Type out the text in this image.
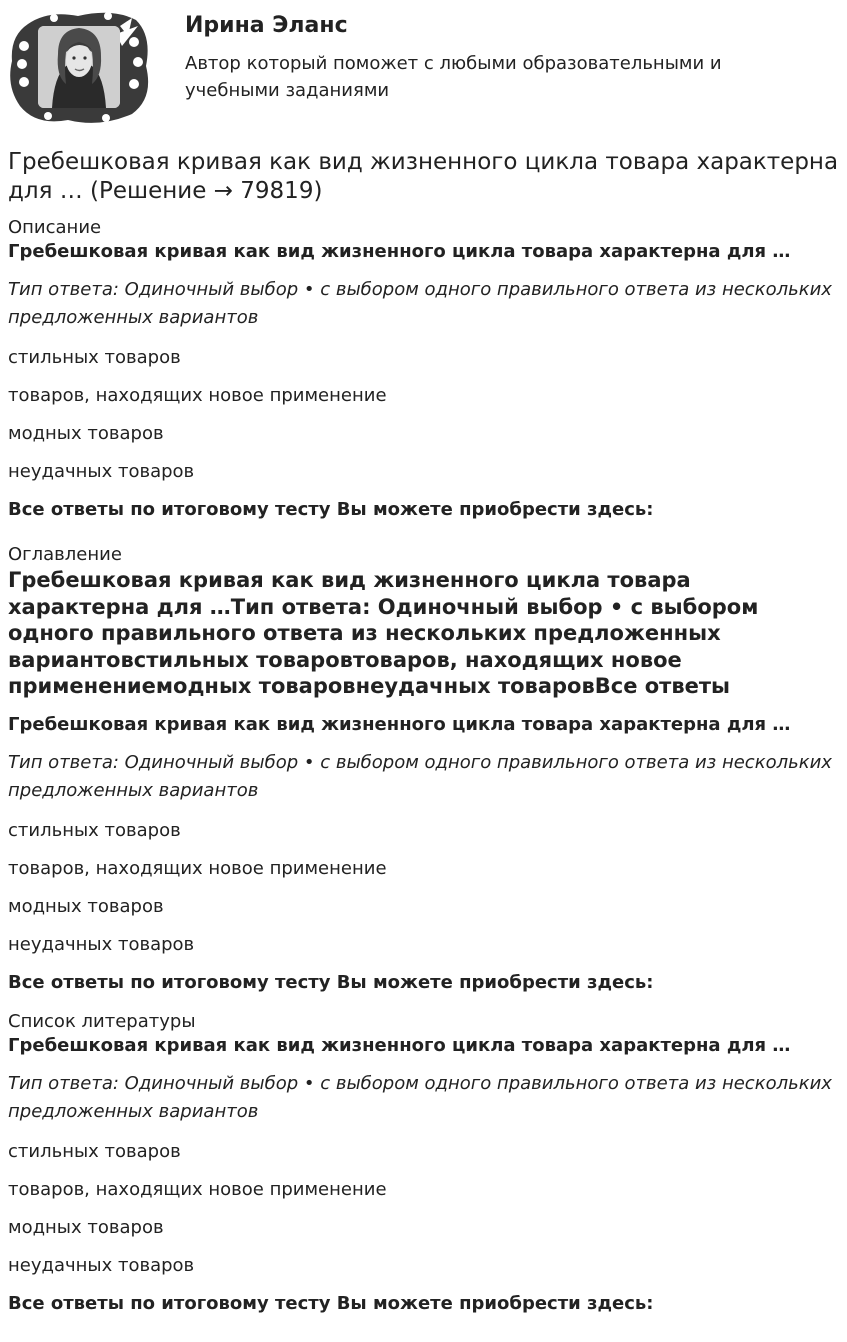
Ирина Эланс
Автор который поможет с любыми образовательными и учебными заданиями
Гребешковая кривая как вид жизненного цикла товара характерна для … (Решение → 79819)
Описание
Гребешковая кривая как вид жизненного цикла товара характерна для …
Тип ответа: Одиночный выбор • с выбором одного правильного ответа из нескольких предложенных вариантов
стильных товаров
товаров, находящих новое применение
модных товаров
неудачных товаров
Все ответы по итоговому тесту Вы можете приобрести здесь:
Оглавление
Гребешковая кривая как вид жизненного цикла товара характерна для …Тип ответа: Одиночный выбор • с выбором одного правильного ответа из нескольких предложенных вариантовстильных товаровтоваров, находящих новое применениемодных товаровнеудачных товаровВсе ответы
Гребешковая кривая как вид жизненного цикла товара характерна для …
Тип ответа: Одиночный выбор • с выбором одного правильного ответа из нескольких предложенных вариантов
стильных товаров
товаров, находящих новое применение
модных товаров
неудачных товаров
Все ответы по итоговому тесту Вы можете приобрести здесь:
Список литературы
Гребешковая кривая как вид жизненного цикла товара характерна для …
Тип ответа: Одиночный выбор • с выбором одного правильного ответа из нескольких предложенных вариантов
стильных товаров
товаров, находящих новое применение
модных товаров
неудачных товаров
Все ответы по итоговому тесту Вы можете приобрести здесь:
